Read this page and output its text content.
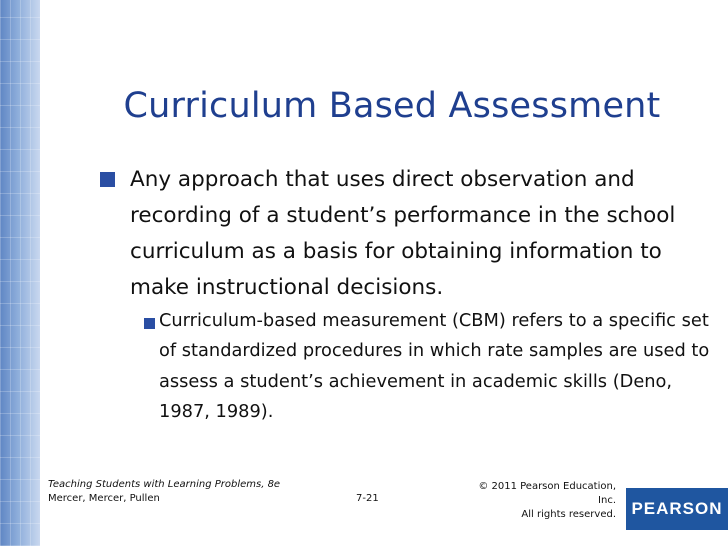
Curriculum Based Assessment
Any approach that uses direct observation and recording of a student’s performance in the school curriculum as a basis for obtaining information to make instructional decisions.
Curriculum-based measurement (CBM) refers to a specific set of standardized procedures in which rate samples are used to assess a student’s achievement in academic skills (Deno, 1987, 1989).
Teaching Students with Learning Problems, 8e
Mercer, Mercer, Pullen	7-21
© 2011 Pearson Education, Inc.
All rights reserved. PEARSON
